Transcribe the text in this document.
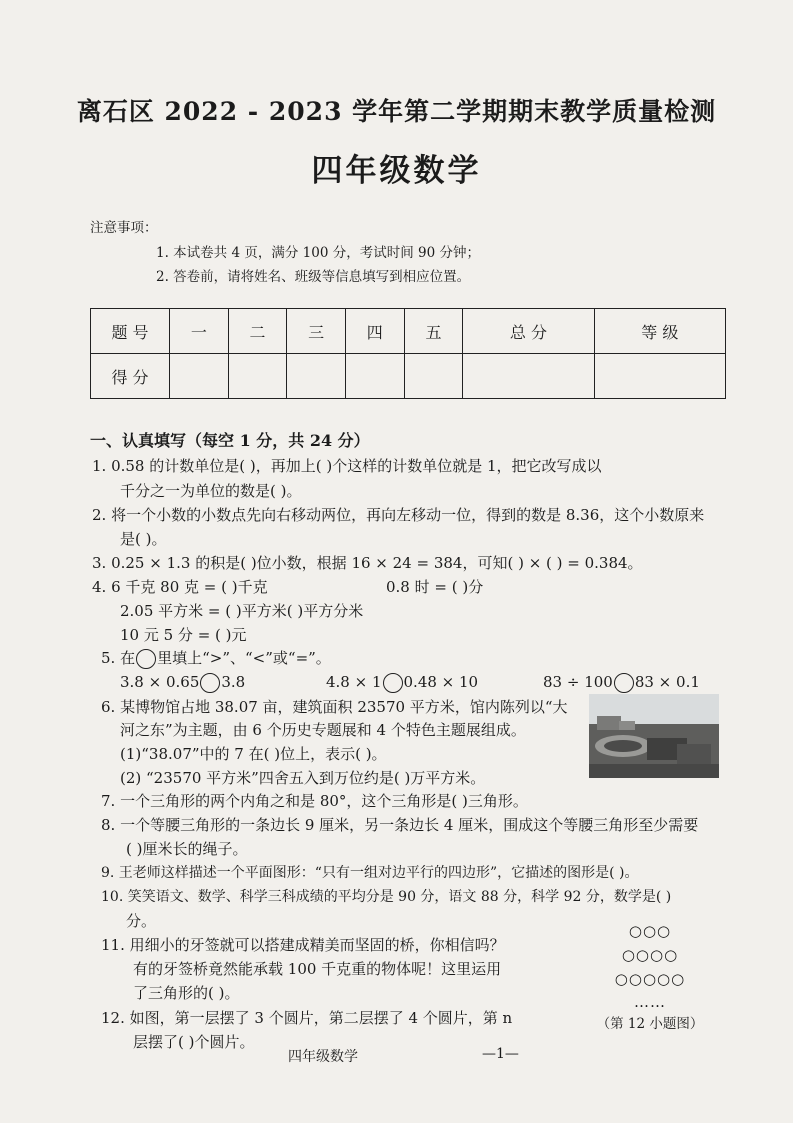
离石区 2022 - 2023 学年第二学期期末教学质量检测
四年级数学
注意事项：
1. 本试卷共 4 页，满分 100 分，考试时间 90 分钟；
2. 答卷前，请将姓名、班级等信息填写到相应位置。
题 号	一	二	三	四	五	总 分	等 级
得 分							
一、认真填写（每空 1 分，共 24 分）
1. 0.58 的计数单位是( )，再加上( )个这样的计数单位就是 1，把它改写成以
千分之一为单位的数是( )。
2. 将一个小数的小数点先向右移动两位，再向左移动一位，得到的数是 8.36，这个小数原来
是( )。
3. 0.25 × 1.3 的积是( )位小数，根据 16 × 24 = 384，可知( ) × ( ) = 0.384。
4. 6 千克 80 克 = ( )千克	0.8 时 = ( )分
2.05 平方米 = ( )平方米( )平方分米
10 元 5 分 = ( )元
5. 在 里填上“>”、“<”或“=”。
3.8 × 0.65 3.8	4.8 × 1 0.48 × 10	83 ÷ 100 83 × 0.1
6. 某博物馆占地 38.07 亩，建筑面积 23570 平方米，馆内陈列以“大
河之东”为主题，由 6 个历史专题展和 4 个特色主题展组成。
(1)“38.07”中的 7 在( )位上，表示( )。
(2) “23570 平方米”四舍五入到万位约是( )万平方米。
7. 一个三角形的两个内角之和是 80°，这个三角形是( )三角形。
8. 一个等腰三角形的一条边长 9 厘米，另一条边长 4 厘米，围成这个等腰三角形至少需要
( )厘米长的绳子。
9. 王老师这样描述一个平面图形：“只有一组对边平行的四边形”，它描述的图形是( )。
10. 笑笑语文、数学、科学三科成绩的平均分是 90 分，语文 88 分，科学 92 分，数学是( )
分。
11. 用细小的牙签就可以搭建成精美而坚固的桥，你相信吗？
有的牙签桥竟然能承载 100 千克重的物体呢！这里运用
了三角形的( )。
12. 如图，第一层摆了 3 个圆片，第二层摆了 4 个圆片，第 n
层摆了( )个圆片。
○○○
○○○○
○○○○○
……
（第 12 小题图）
四年级数学	—1—
